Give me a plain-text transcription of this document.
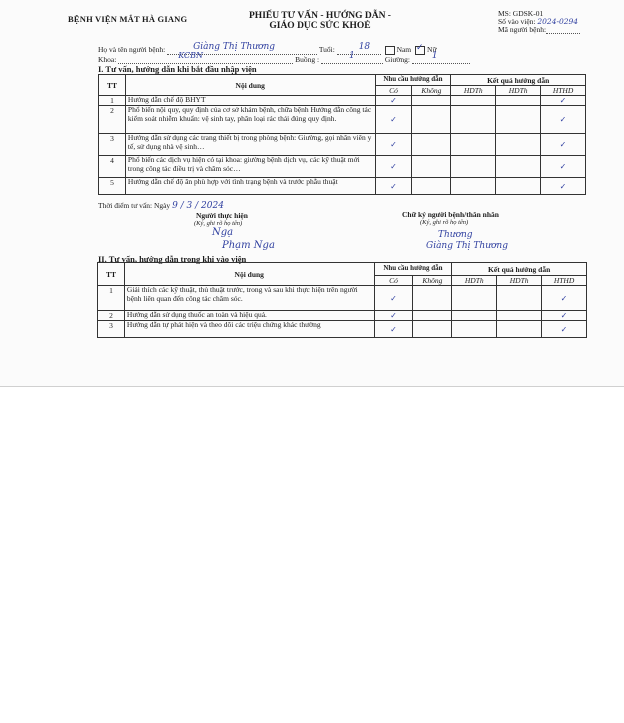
BỆNH VIỆN MẮT HÀ GIANG	PHIẾU TƯ VẤN - HƯỚNG DẪN -
GIÁO DỤC SỨC KHOẺ
MS: GDSK-01
Số vào viện: 2024-0294
Mã người bệnh:
Họ và tên người bệnh:	Giàng Thị Thương	Tuổi:	18	Nam ✓ Nữ
Khoa:	KCBN	Buồng :	1	Giường: 1
I. Tư vấn, hướng dẫn khi bắt đầu nhập viện
TT	Nội dung	Nhu cầu hướng dẫn		Kết quả hướng dẫn		
		Có	Không	HDTh	HDTh	HTHD
1	Hướng dẫn chế độ BHYT	✓				✓
2	Phổ biến nội quy, quy định của cơ sở khám bệnh, chữa bệnh Hướng dẫn công tác kiểm soát nhiễm khuẩn: vệ sinh tay, phân loại rác thải đúng quy định.	✓				✓
3	Hướng dẫn sử dụng các trang thiết bị trong phòng bệnh: Giường, gọi nhân viên y tế, sử dụng nhà vệ sinh…	✓				✓
4	Phổ biến các dịch vụ hiện có tại khoa: giường bệnh dịch vụ, các kỹ thuật mới trong công tác điều trị và chăm sóc…	✓				✓
5	Hướng dẫn chế độ ăn phù hợp với tình trạng bệnh và trước phẫu thuật	✓				✓
Thời điểm tư vấn: Ngày 9 / 3 / 2024
Người thực hiện
(Ký, ghi rõ họ tên)
Ngạ
Phạm Nga
Chữ ký người bệnh/thân nhân
(Ký, ghi rõ họ tên)
Thương
Giàng Thị Thương
II. Tư vấn, hướng dẫn trong khi vào viện
TT	Nội dung	Nhu cầu hướng dẫn		Kết quả hướng dẫn		
		Có	Không	HDTh	HDTh	HTHD
1	Giải thích các kỹ thuật, thủ thuật trước, trong và sau khi thực hiện trên người bệnh liên quan đến công tác chăm sóc.	✓				✓
2	Hướng dẫn sử dụng thuốc an toàn và hiệu quả.	✓				✓
3	Hướng dẫn tự phát hiện và theo dõi các triệu chứng khác thường	✓				✓
